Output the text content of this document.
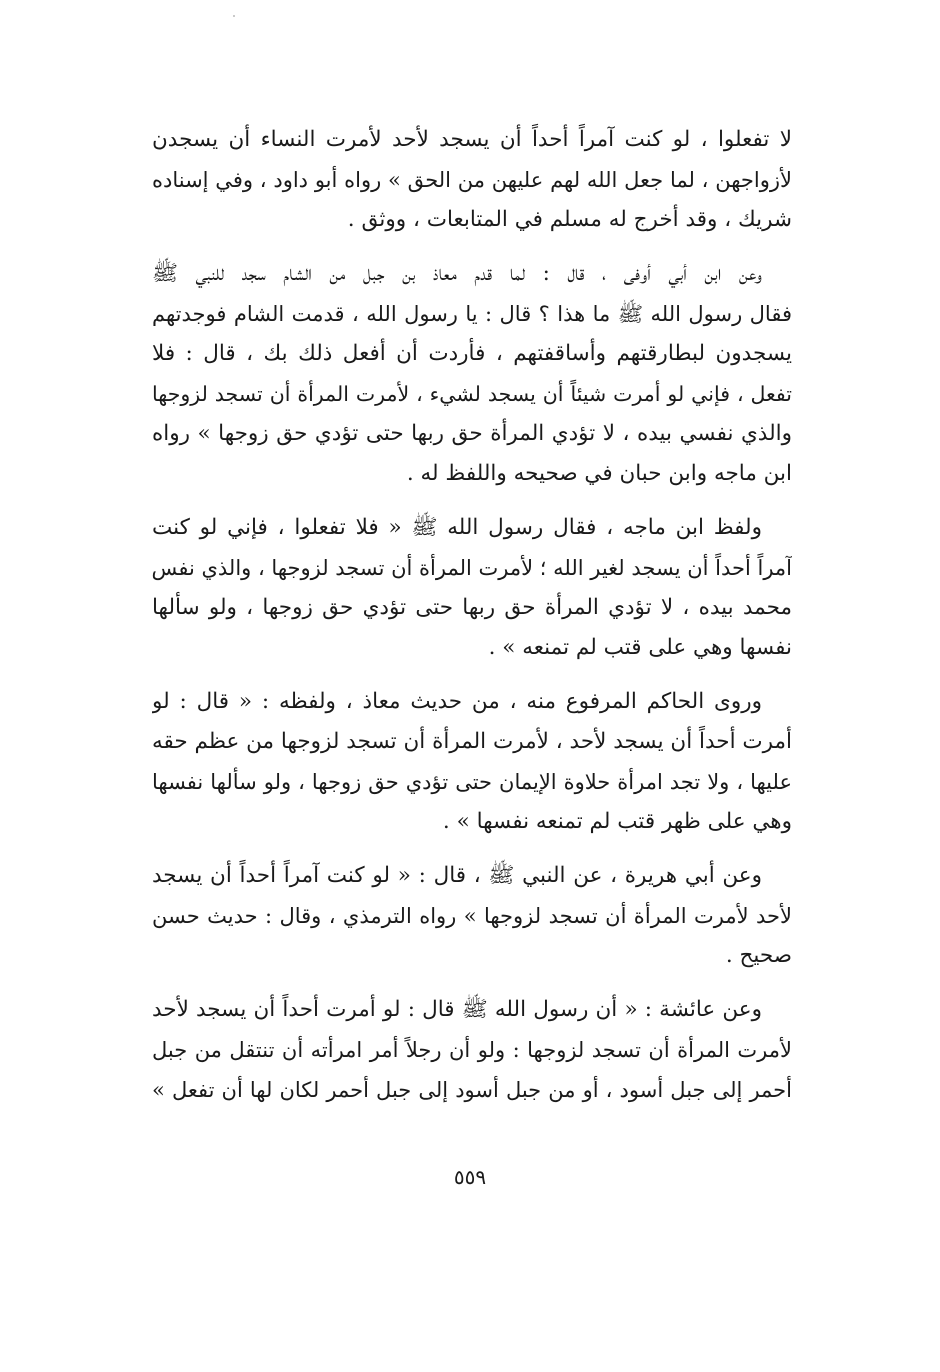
لا تفعلوا ، لو كنت آمراً أحداً أن يسجد لأحد لأمرت النساء أن يسجدن
لأزواجهن ، لما جعل الله لهم عليهن من الحق » رواه أبو داود ، وفي إسناده
شريك ، وقد أخرج له مسلم في المتابعات ، ووثق .
وعن ابن أبي أوفى ، قال : لما قدم معاذ بن جبل من الشام سجد للنبي ﷺ
فقال رسول الله ﷺ ما هذا ؟ قال : يا رسول الله ، قدمت الشام فوجدتهم
يسجدون لبطارقتهم وأساقفتهم ، فأردت أن أفعل ذلك بك ، قال : فلا
تفعل ، فإني لو أمرت شيئاً أن يسجد لشيء ، لأمرت المرأة أن تسجد لزوجها
والذي نفسي بيده ، لا تؤدي المرأة حق ربها حتى تؤدي حق زوجها » رواه
ابن ماجه وابن حبان في صحيحه واللفظ له .
ولفظ ابن ماجه ، فقال رسول الله ﷺ « فلا تفعلوا ، فإني لو كنت
آمراً أحداً أن يسجد لغير الله ؛ لأمرت المرأة أن تسجد لزوجها ، والذي نفس
محمد بيده ، لا تؤدي المرأة حق ربها حتى تؤدي حق زوجها ، ولو سألها
نفسها وهي على قتب لم تمنعه » .
وروى الحاكم المرفوع منه ، من حديث معاذ ، ولفظه : « قال : لو
أمرت أحداً أن يسجد لأحد ، لأمرت المرأة أن تسجد لزوجها من عظم حقه
عليها ، ولا تجد امرأة حلاوة الإيمان حتى تؤدي حق زوجها ، ولو سألها نفسها
وهي على ظهر قتب لم تمنعه نفسها » .
وعن أبي هريرة ، عن النبي ﷺ ، قال : « لو كنت آمراً أحداً أن يسجد
لأحد لأمرت المرأة أن تسجد لزوجها » رواه الترمذي ، وقال : حديث حسن
صحيح .
وعن عائشة : « أن رسول الله ﷺ قال : لو أمرت أحداً أن يسجد لأحد
لأمرت المرأة أن تسجد لزوجها : ولو أن رجلاً أمر امرأته أن تنتقل من جبل
أحمر إلى جبل أسود ، أو من جبل أسود إلى جبل أحمر لكان لها أن تفعل »
٥٥٩
